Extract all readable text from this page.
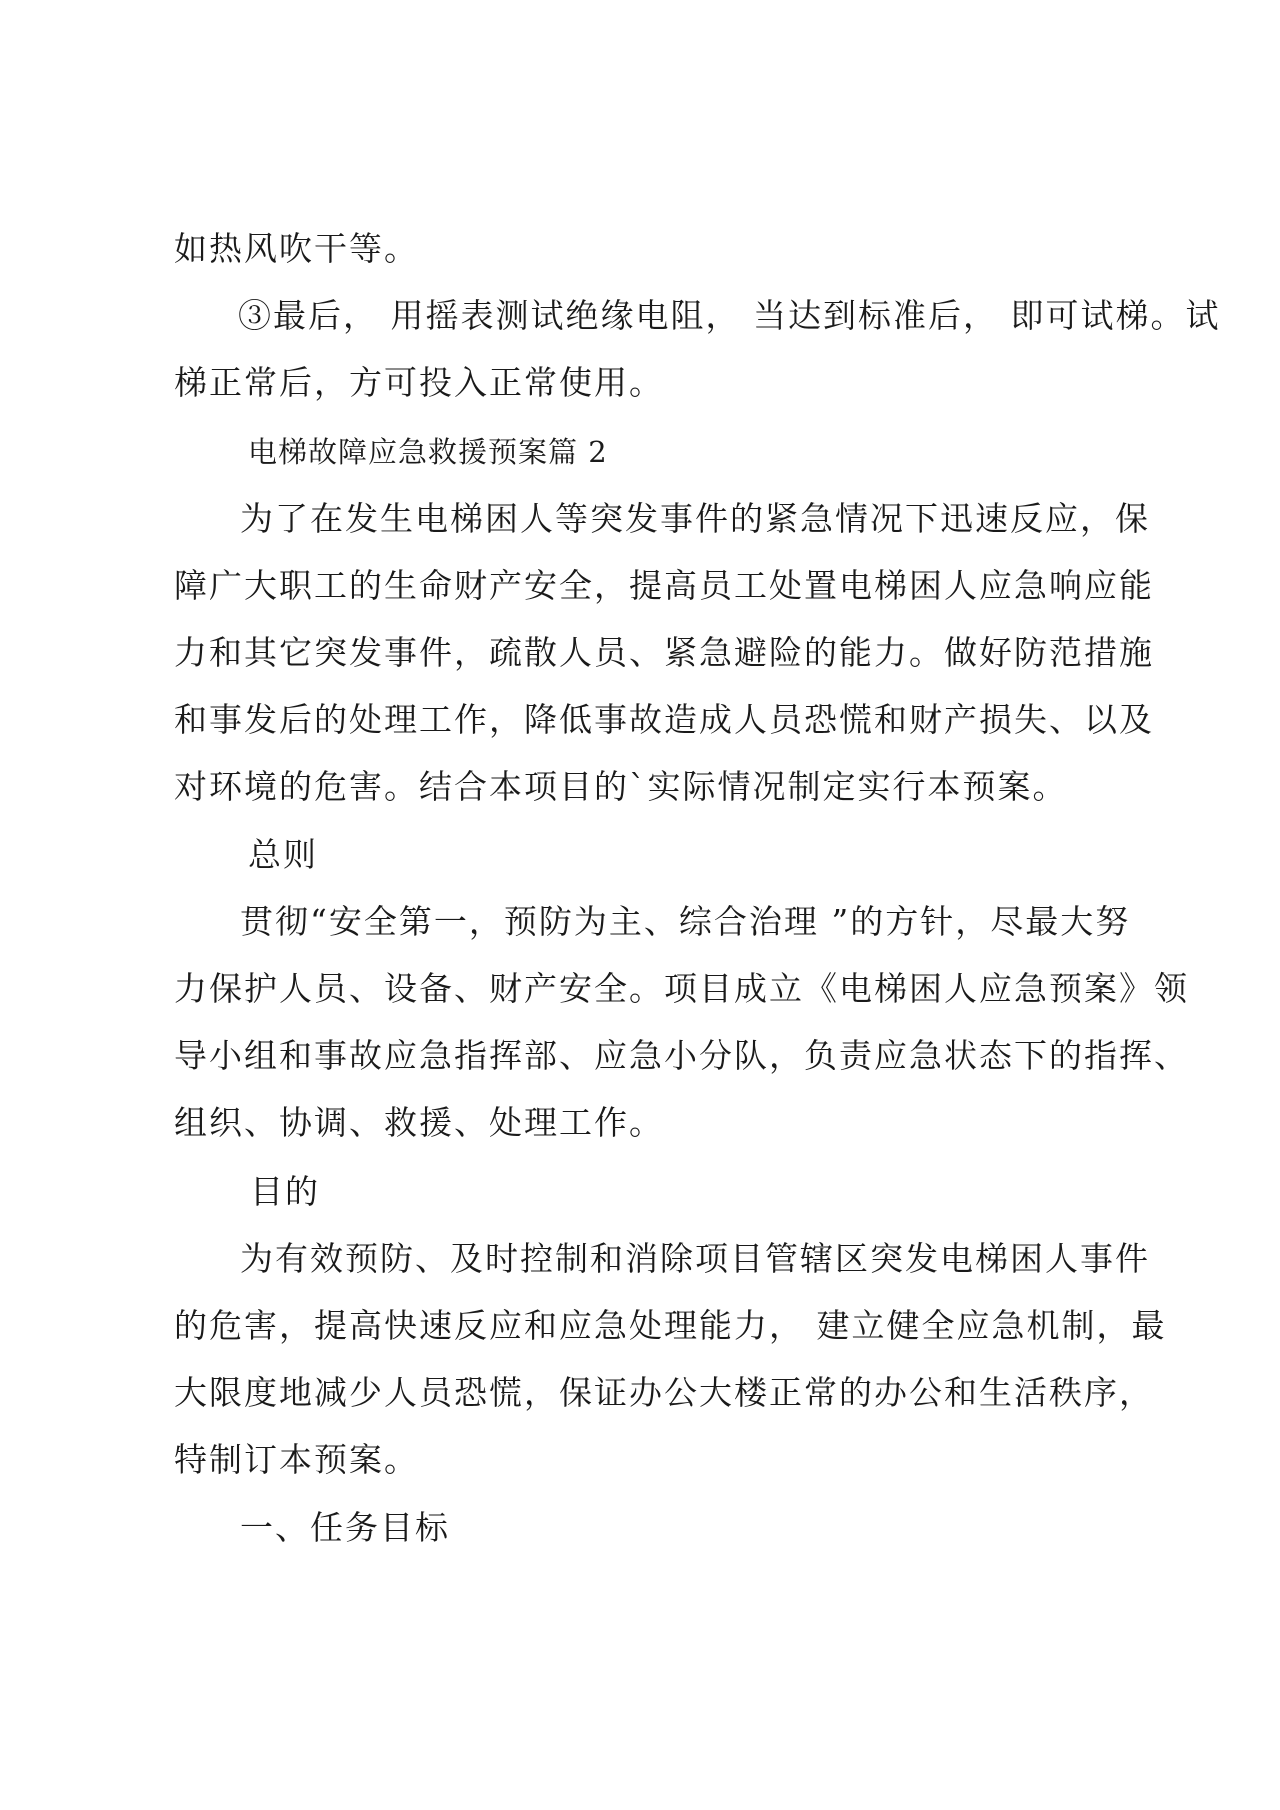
如热风吹干等。
③最后， 用摇表测试绝缘电阻， 当达到标准后， 即可试梯。试
梯正常后，方可投入正常使用。
电梯故障应急救援预案篇 2
为了在发生电梯困人等突发事件的紧急情况下迅速反应，保
障广大职工的生命财产安全，提高员工处置电梯困人应急响应能
力和其它突发事件，疏散人员、紧急避险的能力。做好防范措施
和事发后的处理工作，降低事故造成人员恐慌和财产损失、以及
对环境的危害。结合本项目的`实际情况制定实行本预案。
总则
贯彻“安全第一，预防为主、综合治理 ”的方针，尽最大努
力保护人员、设备、财产安全。项目成立《电梯困人应急预案》领
导小组和事故应急指挥部、应急小分队，负责应急状态下的指挥、
组织、协调、救援、处理工作。
目的
为有效预防、及时控制和消除项目管辖区突发电梯困人事件
的危害，提高快速反应和应急处理能力， 建立健全应急机制，最
大限度地减少人员恐慌，保证办公大楼正常的办公和生活秩序，
特制订本预案。
一、任务目标
